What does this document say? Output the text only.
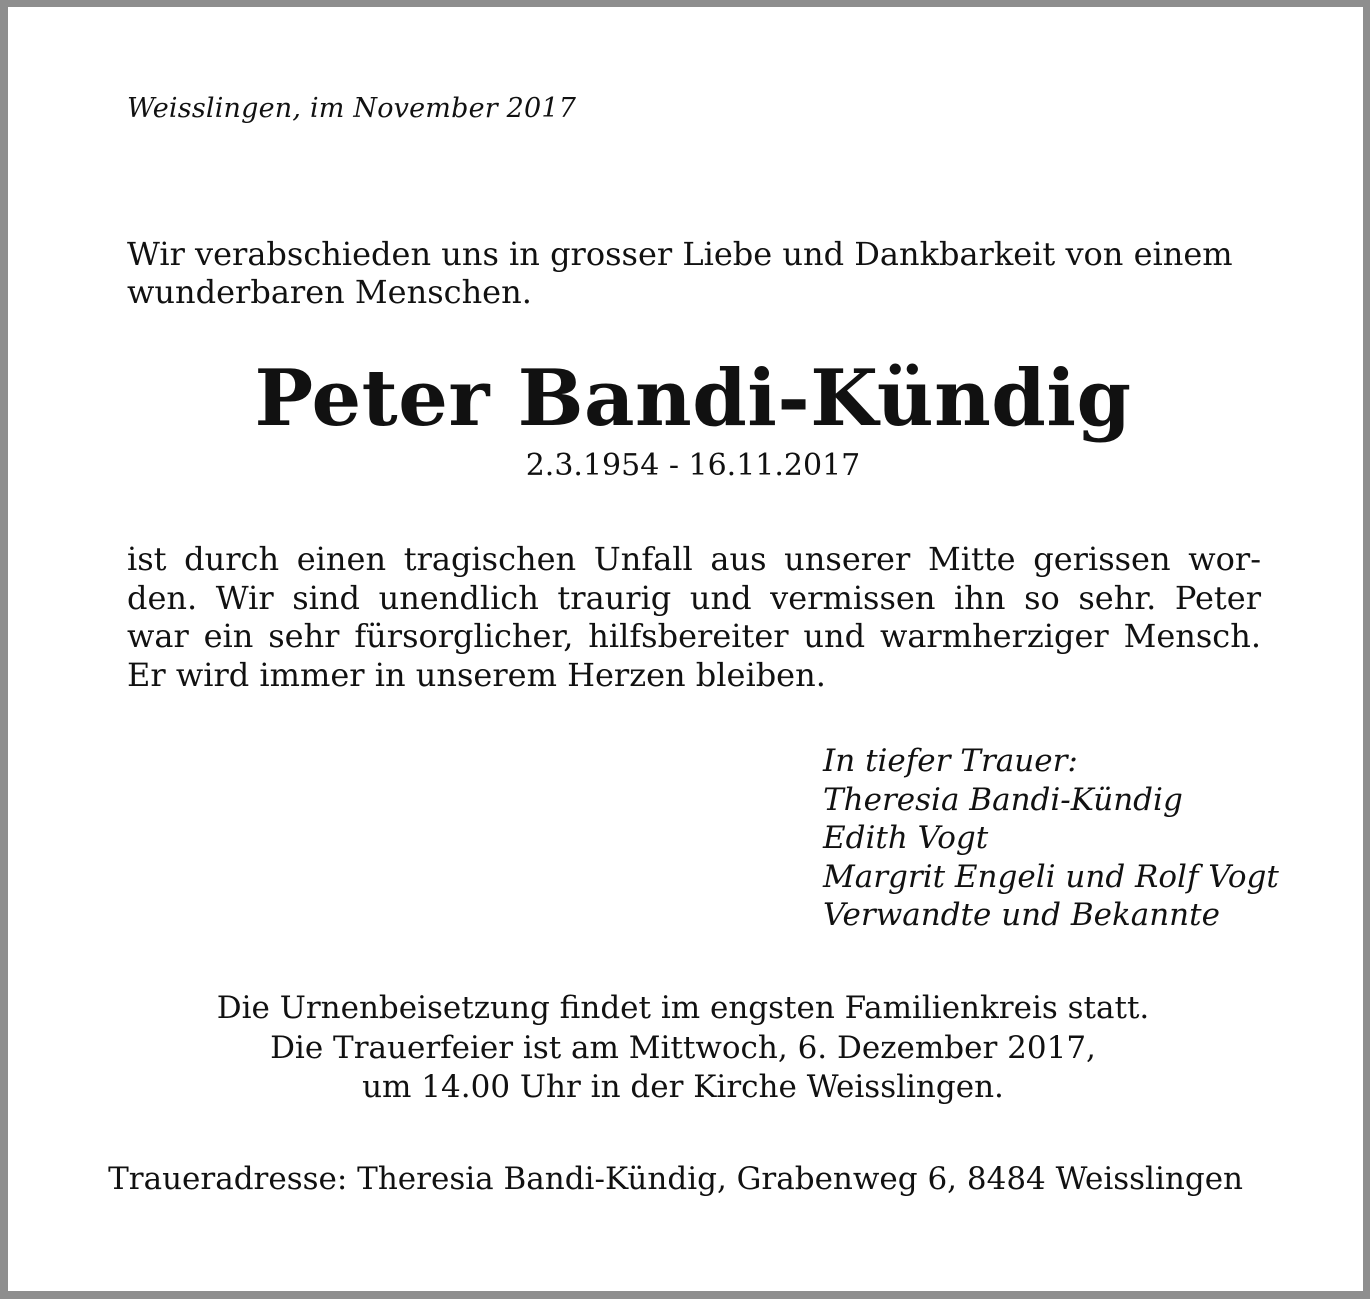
Weisslingen, im November 2017
Wir verabschieden uns in grosser Liebe und Dankbarkeit von einem
wunderbaren Menschen.
Peter Bandi-Kündig
2.3.1954 - 16.11.2017
ist durch einen tragischen Unfall aus unserer Mitte gerissen wor-
den. Wir sind unendlich traurig und vermissen ihn so sehr. Peter
war ein sehr fürsorglicher, hilfsbereiter und warmherziger Mensch.
Er wird immer in unserem Herzen bleiben.
In tiefer Trauer:
Theresia Bandi-Kündig
Edith Vogt
Margrit Engeli und Rolf Vogt
Verwandte und Bekannte
Die Urnenbeisetzung findet im engsten Familienkreis statt.
Die Trauerfeier ist am Mittwoch, 6. Dezember 2017,
um 14.00 Uhr in der Kirche Weisslingen.
Traueradresse: Theresia Bandi-Kündig, Grabenweg 6, 8484 Weisslingen
